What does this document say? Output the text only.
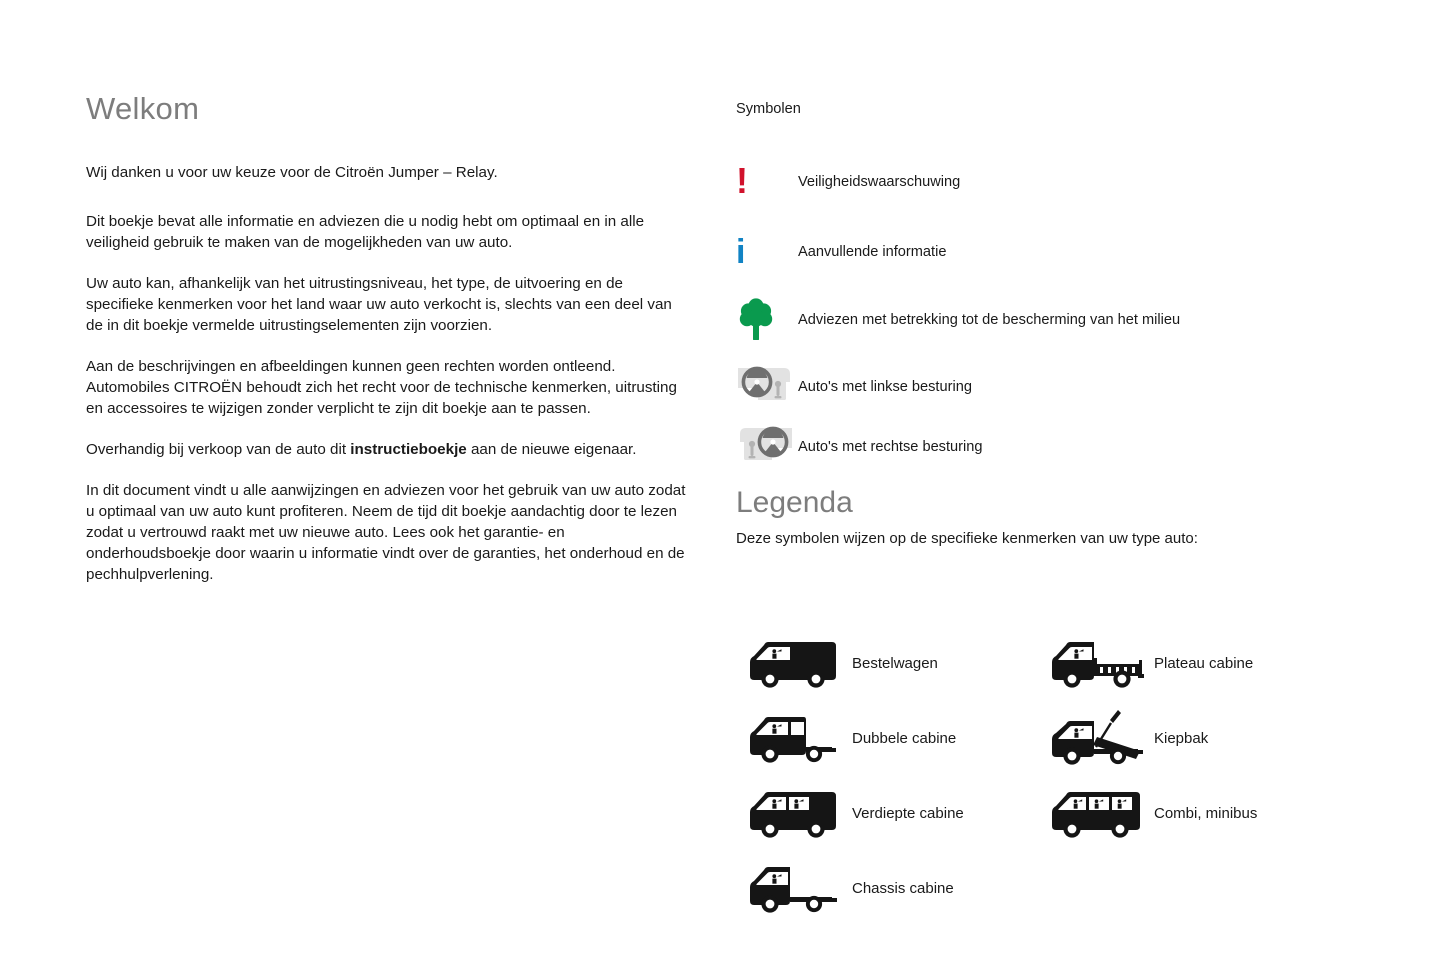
Welkom

Wij danken u voor uw keuze voor de Citroën Jumper – Relay.

Dit boekje bevat alle informatie en adviezen die u nodig hebt om optimaal en in alle veiligheid gebruik te maken van de mogelijkheden van uw auto.

Uw auto kan, afhankelijk van het uitrustingsniveau, het type, de uitvoering en de specifieke kenmerken voor het land waar uw auto verkocht is, slechts van een deel van de in dit boekje vermelde uitrustingselementen zijn voorzien.

Aan de beschrijvingen en afbeeldingen kunnen geen rechten worden ontleend. Automobiles CITROËN behoudt zich het recht voor de technische kenmerken, uitrusting en accessoires te wijzigen zonder verplicht te zijn dit boekje aan te passen.

Overhandig bij verkoop van de auto dit instructieboekje aan de nieuwe eigenaar.

In dit document vindt u alle aanwijzingen en adviezen voor het gebruik van uw auto zodat u optimaal van uw auto kunt profiteren. Neem de tijd dit boekje aandachtig door te lezen zodat u vertrouwd raakt met uw nieuwe auto. Lees ook het garantie- en onderhoudsboekje door waarin u informatie vindt over de garanties, het onderhoud en de pechhulpverlening.

Symbolen
!	Veiligheidswaarschuwing
i	Aanvullende informatie
Adviezen met betrekking tot de bescherming van het milieu
Auto's met linkse besturing
Auto's met rechtse besturing
Legenda
Deze symbolen wijzen op de specifieke kenmerken van uw type auto:
Bestelwagen	Plateau cabine
Dubbele cabine	Kiepbak
Verdiepte cabine	Combi, minibus
Chassis cabine
